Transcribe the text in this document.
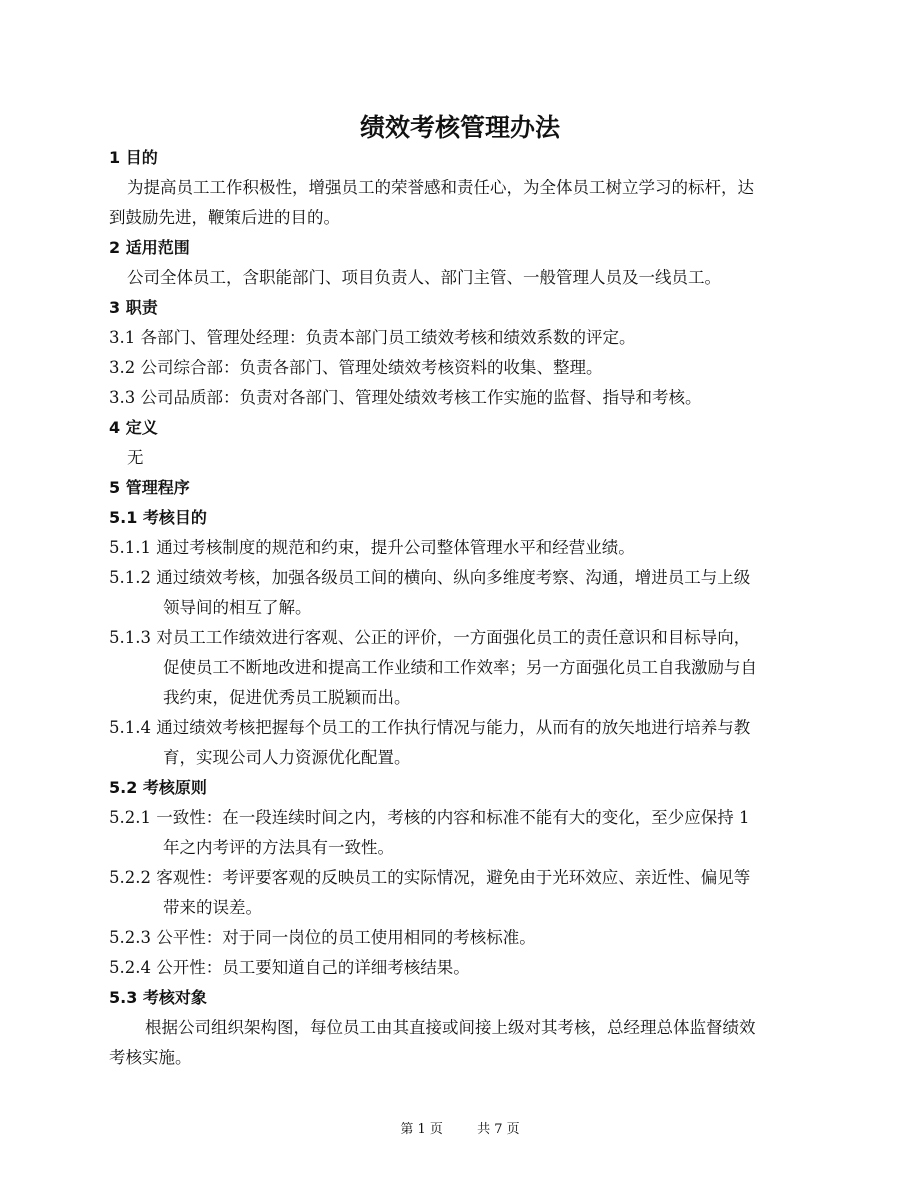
绩效考核管理办法
1 目的
为提高员工工作积极性，增强员工的荣誉感和责任心，为全体员工树立学习的标杆，达
到鼓励先进，鞭策后进的目的。
2 适用范围
公司全体员工，含职能部门、项目负责人、部门主管、一般管理人员及一线员工。
3 职责
3.1 各部门、管理处经理：负责本部门员工绩效考核和绩效系数的评定。
3.2 公司综合部：负责各部门、管理处绩效考核资料的收集、整理。
3.3 公司品质部：负责对各部门、管理处绩效考核工作实施的监督、指导和考核。
4 定义
无
5 管理程序
5.1 考核目的
5.1.1 通过考核制度的规范和约束，提升公司整体管理水平和经营业绩。
5.1.2 通过绩效考核，加强各级员工间的横向、纵向多维度考察、沟通，增进员工与上级
领导间的相互了解。
5.1.3 对员工工作绩效进行客观、公正的评价，一方面强化员工的责任意识和目标导向，
促使员工不断地改进和提高工作业绩和工作效率；另一方面强化员工自我激励与自
我约束，促进优秀员工脱颖而出。
5.1.4 通过绩效考核把握每个员工的工作执行情况与能力，从而有的放矢地进行培养与教
育，实现公司人力资源优化配置。
5.2 考核原则
5.2.1 一致性：在一段连续时间之内，考核的内容和标准不能有大的变化，至少应保持 1
年之内考评的方法具有一致性。
5.2.2 客观性：考评要客观的反映员工的实际情况，避免由于光环效应、亲近性、偏见等
带来的误差。
5.2.3 公平性：对于同一岗位的员工使用相同的考核标准。
5.2.4 公开性：员工要知道自己的详细考核结果。
5.3 考核对象
根据公司组织架构图，每位员工由其直接或间接上级对其考核，总经理总体监督绩效
考核实施。
第 1 页	共 7 页
